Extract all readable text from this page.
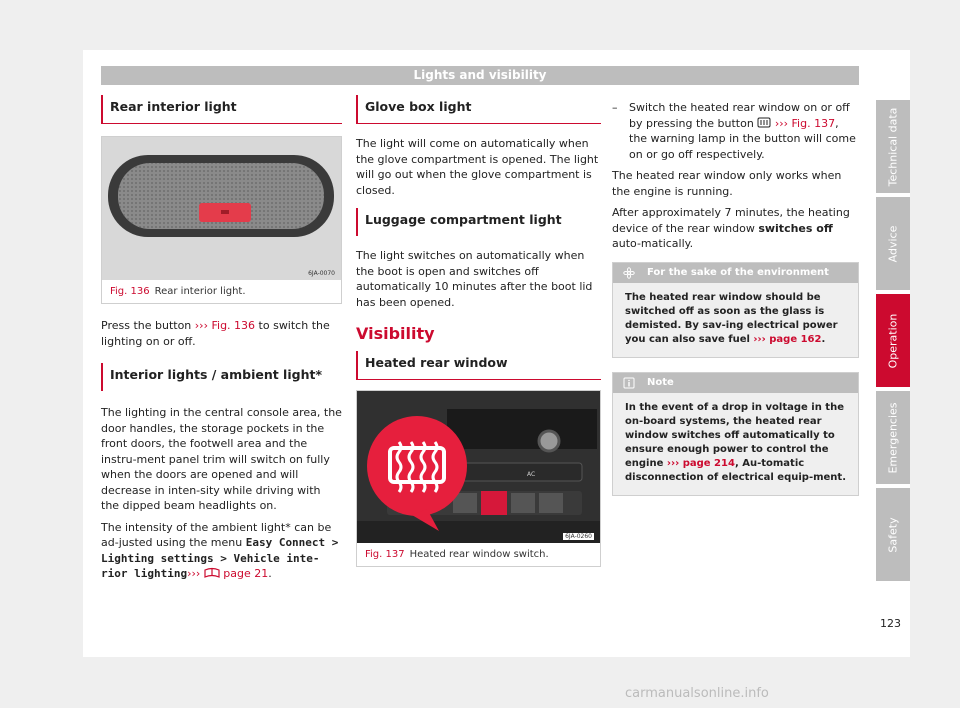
Lights and visibility
Rear interior light
6JA-0070
Fig. 136 Rear interior light.

Press the button ››› Fig. 136 to switch the lighting on or off.

Interior lights / ambient light*

The lighting in the central console area, the door handles, the storage pockets in the front doors, the footwell area and the instru-ment panel trim will switch on fully when the doors are opened and will decrease in inten-sity while driving with the dipped beam headlights on.

The intensity of the ambient light* can be ad-justed using the menu Easy Connect > Lighting settings > Vehicle inte-rior lighting›››  page 21.

Glove box light

The light will come on automatically when the glove compartment is opened. The light will go out when the glove compartment is closed.

Luggage compartment light

The light switches on automatically when the boot is open and switches off automatically 10 minutes after the boot lid has been opened.

Visibility
Heated rear window
AC
6JA-0260
Fig. 137 Heated rear window switch.

– Switch the heated rear window on or off by pressing the button  ››› Fig. 137, the warning lamp in the button will come on or go off respectively.

The heated rear window only works when the engine is running.

After approximately 7 minutes, the heating device of the rear window switches off auto-matically.

For the sake of the environment
The heated rear window should be switched off as soon as the glass is demisted. By sav-ing electrical power you can also save fuel ››› page 162.
Note
In the event of a drop in voltage in the on-board systems, the heated rear window switches off automatically to ensure enough power to control the engine ››› page 214, Au-tomatic disconnection of electrical equip-ment.
Technical data
Advice
Operation
Emergencies
Safety
123
carmanualsonline.info
